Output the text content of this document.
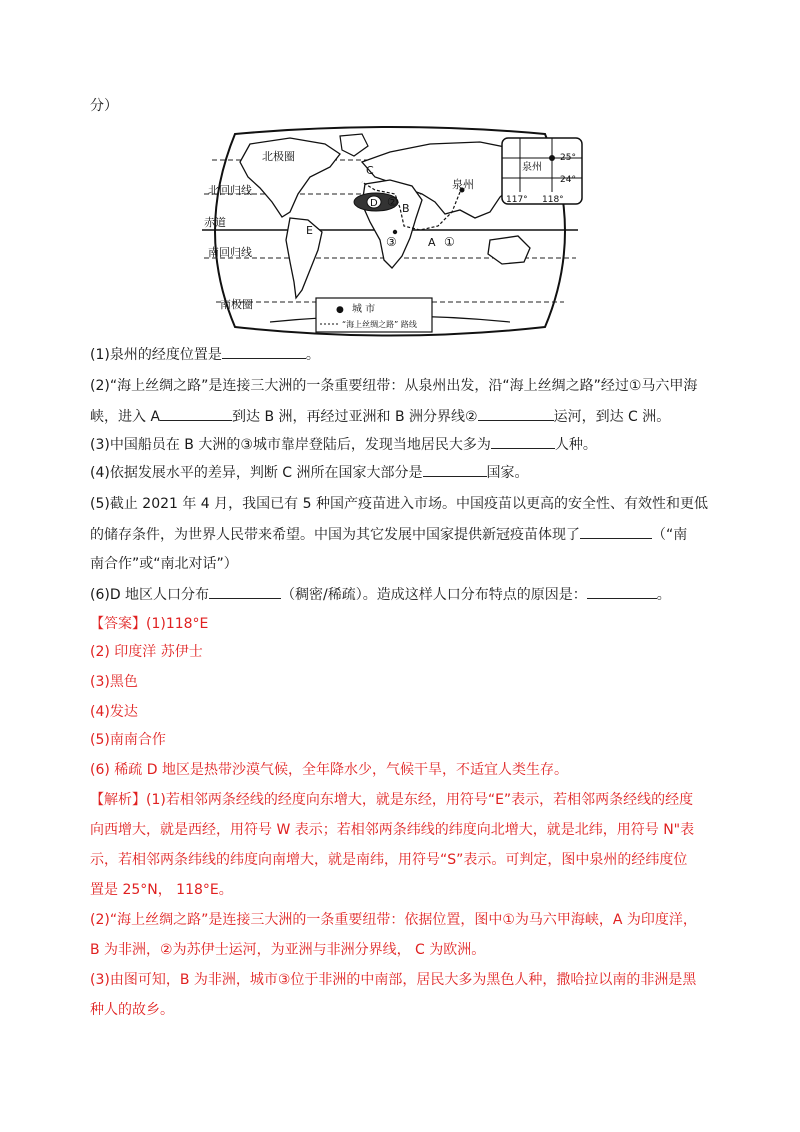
分）
北极圈
北回归线
赤道
南回归线
南极圈
泉州
D ② B
③	A ①
E
C	泉州
25°
24°
117° 118°
● 城 市
“海上丝绸之路” 路线
(1)泉州的经度位置是	。
(2)“海上丝绸之路”是连接三大洲的一条重要纽带：从泉州出发，沿“海上丝绸之路”经过①马六甲海
峡，进入 A	到达 B 洲，再经过亚洲和 B 洲分界线②	运河，到达 C 洲。
(3)中国船员在 B 大洲的③城市靠岸登陆后，发现当地居民大多为	人种。
(4)依据发展水平的差异，判断 C 洲所在国家大部分是	国家。
(5)截止 2021 年 4 月，我国已有 5 种国产疫苗进入市场。中国疫苗以更高的安全性、有效性和更低
的储存条件，为世界人民带来希望。中国为其它发展中国家提供新冠疫苗体现了	（“南
南合作”或“南北对话”）
(6)D 地区人口分布	（稠密/稀疏）。造成这样人口分布特点的原因是：	。
【答案】(1)118°E
(2) 印度洋 苏伊士
(3)黑色
(4)发达
(5)南南合作
(6) 稀疏 D 地区是热带沙漠气候，全年降水少，气候干旱，不适宜人类生存。
【解析】(1)若相邻两条经线的经度向东增大，就是东经，用符号“E”表示，若相邻两条经线的经度
向西增大，就是西经，用符号 W 表示；若相邻两条纬线的纬度向北增大，就是北纬，用符号 N"表
示，若相邻两条纬线的纬度向南增大，就是南纬，用符号“S”表示。可判定，图中泉州的经纬度位
置是 25°N， 118°E。
(2)“海上丝绸之路”是连接三大洲的一条重要纽带：依据位置，图中①为马六甲海峡，A 为印度洋，
B 为非洲，②为苏伊士运河，为亚洲与非洲分界线， C 为欧洲。
(3)由图可知，B 为非洲，城市③位于非洲的中南部，居民大多为黑色人种，撒哈拉以南的非洲是黑
种人的故乡。
